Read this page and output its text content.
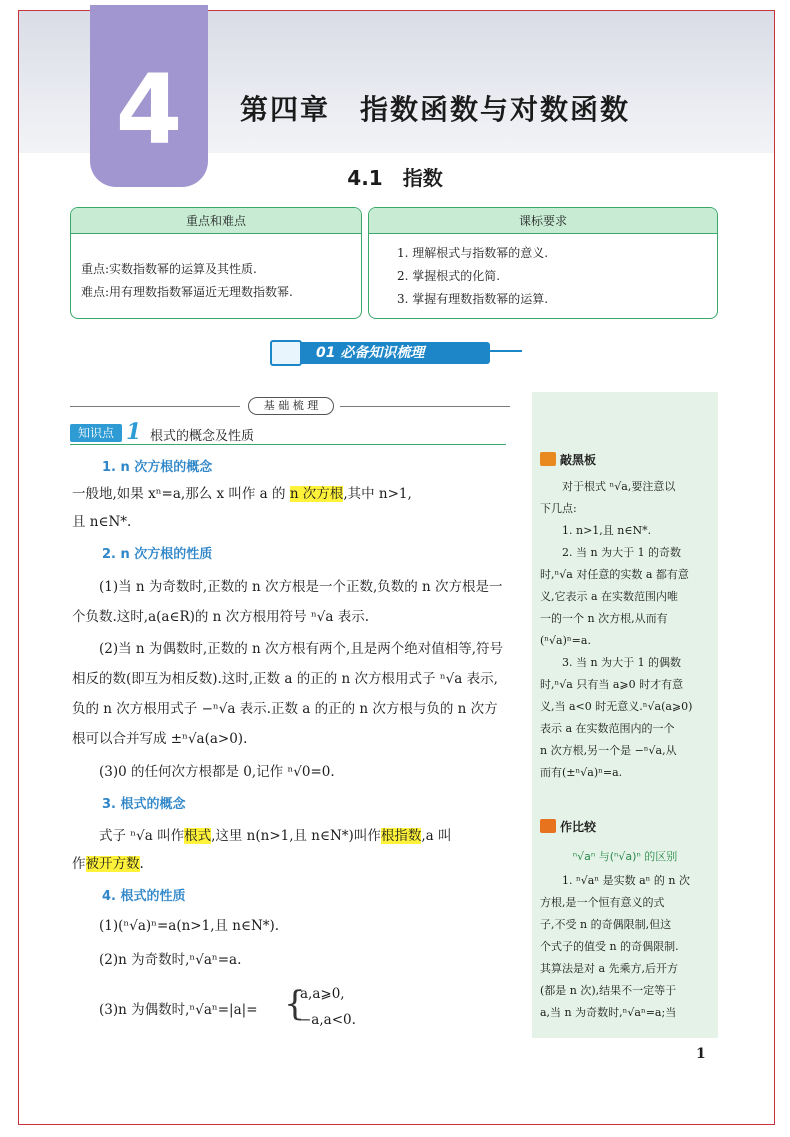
4 第四章　指数函数与对数函数
4.1　指数
重点和难点
重点:实数指数幂的运算及其性质.
难点:用有理数指数幂逼近无理数指数幂.
课标要求
1. 理解根式与指数幂的意义.
2. 掌握根式的化简.
3. 掌握有理数指数幂的运算.
01 必备知识梳理
基 础 梳 理
知识点 1 根式的概念及性质
1. n 次方根的概念
一般地,如果 xⁿ=a,那么 x 叫作 a 的 n 次方根,其中 n>1,
且 n∈N*.
2. n 次方根的性质
(1)当 n 为奇数时,正数的 n 次方根是一个正数,负数的 n 次方根是一个负数.这时,a(a∈R)的 n 次方根用符号 ⁿ√a 表示.
(2)当 n 为偶数时,正数的 n 次方根有两个,且是两个绝对值相等,符号相反的数(即互为相反数).这时,正数 a 的正的 n 次方根用式子 ⁿ√a 表示,负的 n 次方根用式子 −ⁿ√a 表示.正数 a 的正的 n 次方根与负的 n 次方根可以合并写成 ±ⁿ√a(a>0).
(3)0 的任何次方根都是 0,记作 ⁿ√0=0.
3. 根式的概念
式子 ⁿ√a 叫作根式,这里 n(n>1,且 n∈N*)叫作根指数,a 叫
作被开方数.
4. 根式的性质
(1)(ⁿ√a)ⁿ=a(n>1,且 n∈N*).
(2)n 为奇数时,ⁿ√aⁿ=a.
(3)n 为偶数时,ⁿ√aⁿ=|a|= {
a,a⩾0,
−a,a<0.
敲黑板
对于根式 ⁿ√a,要注意以
下几点:
1. n>1,且 n∈N*.
2. 当 n 为大于 1 的奇数
时,ⁿ√a 对任意的实数 a 都有意
义,它表示 a 在实数范围内唯
一的一个 n 次方根,从而有
(ⁿ√a)ⁿ=a.
3. 当 n 为大于 1 的偶数
时,ⁿ√a 只有当 a⩾0 时才有意
义,当 a<0 时无意义.ⁿ√a(a⩾0)
表示 a 在实数范围内的一个
n 次方根,另一个是 −ⁿ√a,从
而有(±ⁿ√a)ⁿ=a.
作比较
ⁿ√aⁿ 与(ⁿ√a)ⁿ 的区别
1. ⁿ√aⁿ 是实数 aⁿ 的 n 次
方根,是一个恒有意义的式
子,不受 n 的奇偶限制,但这
个式子的值受 n 的奇偶限制.
其算法是对 a 先乘方,后开方
(都是 n 次),结果不一定等于
a,当 n 为奇数时,ⁿ√aⁿ=a;当
1
